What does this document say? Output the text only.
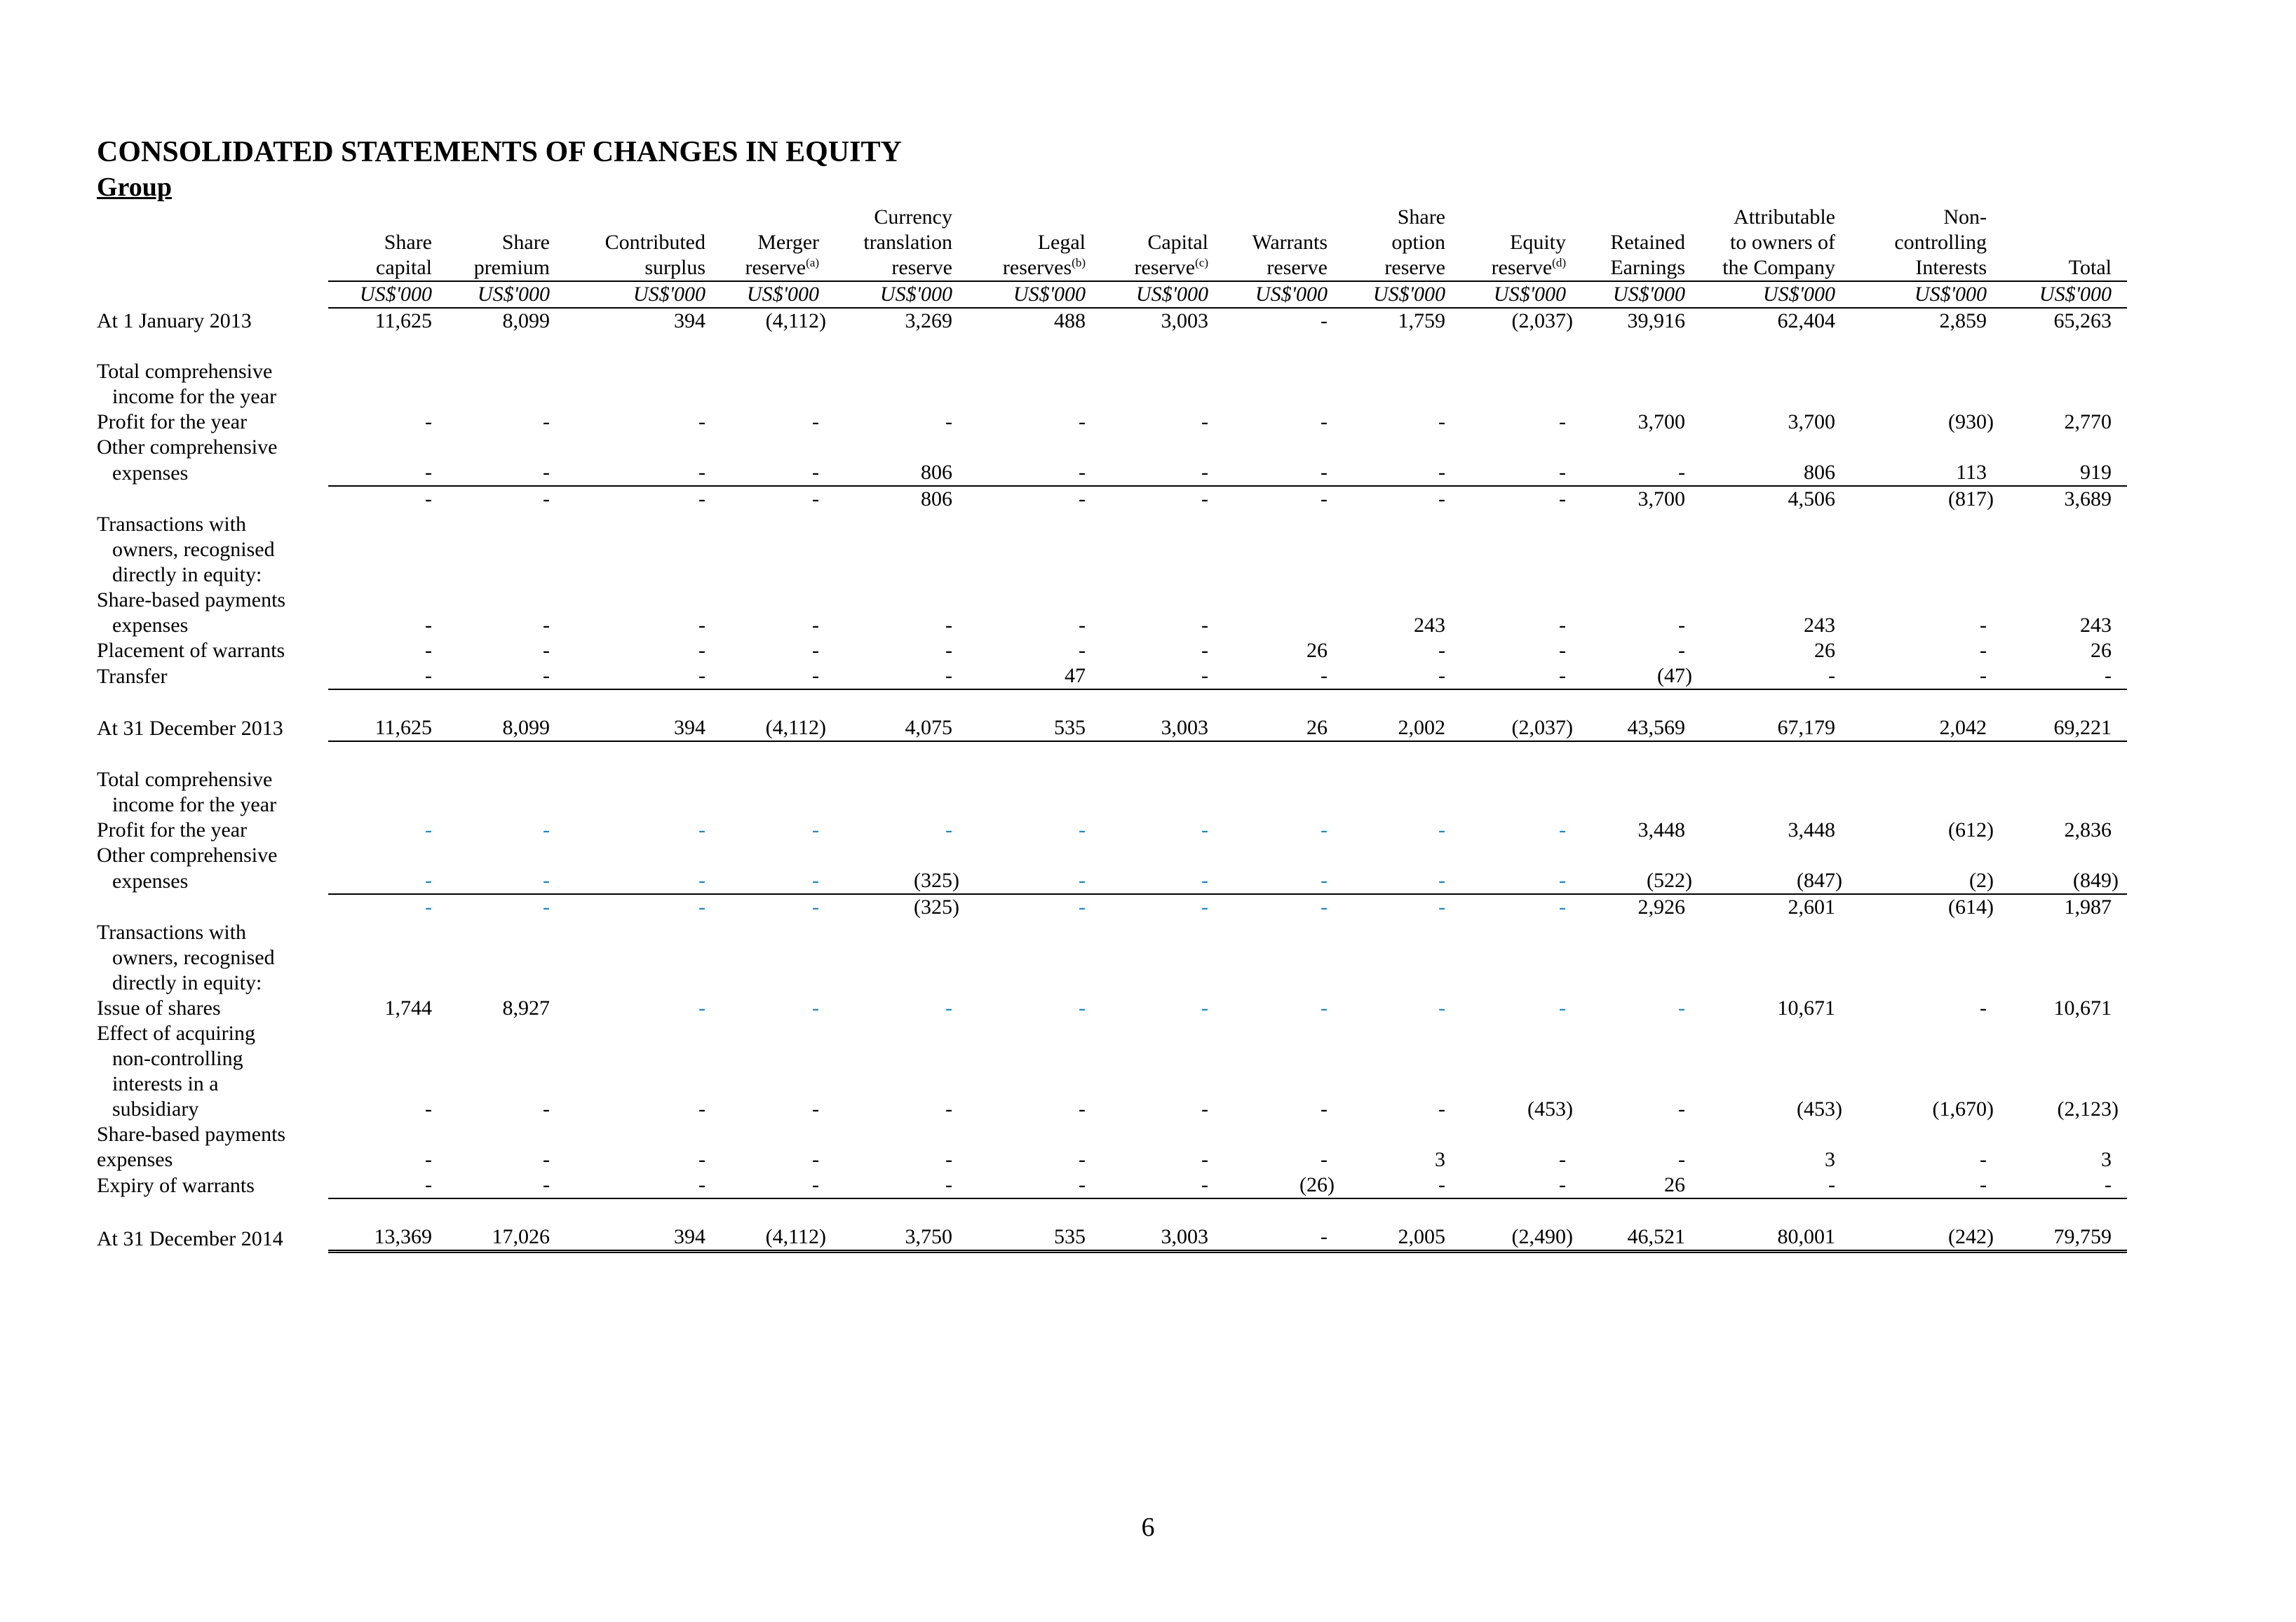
CONSOLIDATED STATEMENTS OF CHANGES IN EQUITY
Group
					Currency				Share			Attributable	Non-	
	Share	Share	Contributed	Merger	translation	Legal	Capital	Warrants	option	Equity	Retained	to owners of	controlling	
	capital	premium	surplus	reserve$^{(a)}$	reserve	reserves$^{(b)}$	reserve$^{(c)}$	reserve	reserve	reserve$^{(d)}$	Earnings	the Company	Interests	Total
	US$'000	US$'000	US$'000	US$'000	US$'000	US$'000	US$'000	US$'000	US$'000	US$'000	US$'000	US$'000	US$'000	US$'000
At 1 January 2013	11,625	8,099	394	(4,112)	3,269	488	3,003	-	1,759	(2,037)	39,916	62,404	2,859	65,263

Total comprehensive														
income for the year														
Profit for the year	-	-	-	-	-	-	-	-	-	-	3,700	3,700	(930)	2,770
Other comprehensive														
expenses	-	-	-	-	806	-	-	-	-	-	-	806	113	919
	-	-	-	-	806	-	-	-	-	-	3,700	4,506	(817)	3,689
Transactions with														
owners, recognised														
directly in equity:														
Share-based payments														
expenses	-	-	-	-	-	-	-		243	-	-	243	-	243
Placement of warrants	-	-	-	-	-	-	-	26	-	-	-	26	-	26
Transfer	-	-	-	-	-	47	-	-	-	-	(47)	-	-	-

At 31 December 2013	11,625	8,099	394	(4,112)	4,075	535	3,003	26	2,002	(2,037)	43,569	67,179	2,042	69,221

Total comprehensive														
income for the year														
Profit for the year	-	-	-	-	-	-	-	-	-	-	3,448	3,448	(612)	2,836
Other comprehensive														
expenses	-	-	-	-	(325)	-	-	-	-	-	(522)	(847)	(2)	(849)
	-	-	-	-	(325)	-	-	-	-	-	2,926	2,601	(614)	1,987
Transactions with														
owners, recognised														
directly in equity:														
Issue of shares	1,744	8,927	-	-	-	-	-	-	-	-	-	10,671	-	10,671
Effect of acquiring														
non-controlling														
interests in a														
subsidiary	-	-	-	-	-	-	-	-	-	(453)	-	(453)	(1,670)	(2,123)
Share-based payments														
expenses	-	-	-	-	-	-	-	-	3	-	-	3	-	3
Expiry of warrants	-	-	-	-	-	-	-	(26)	-	-	26	-	-	-

At 31 December 2014	13,369	17,026	394	(4,112)	3,750	535	3,003	-	2,005	(2,490)	46,521	80,001	(242)	79,759
6
